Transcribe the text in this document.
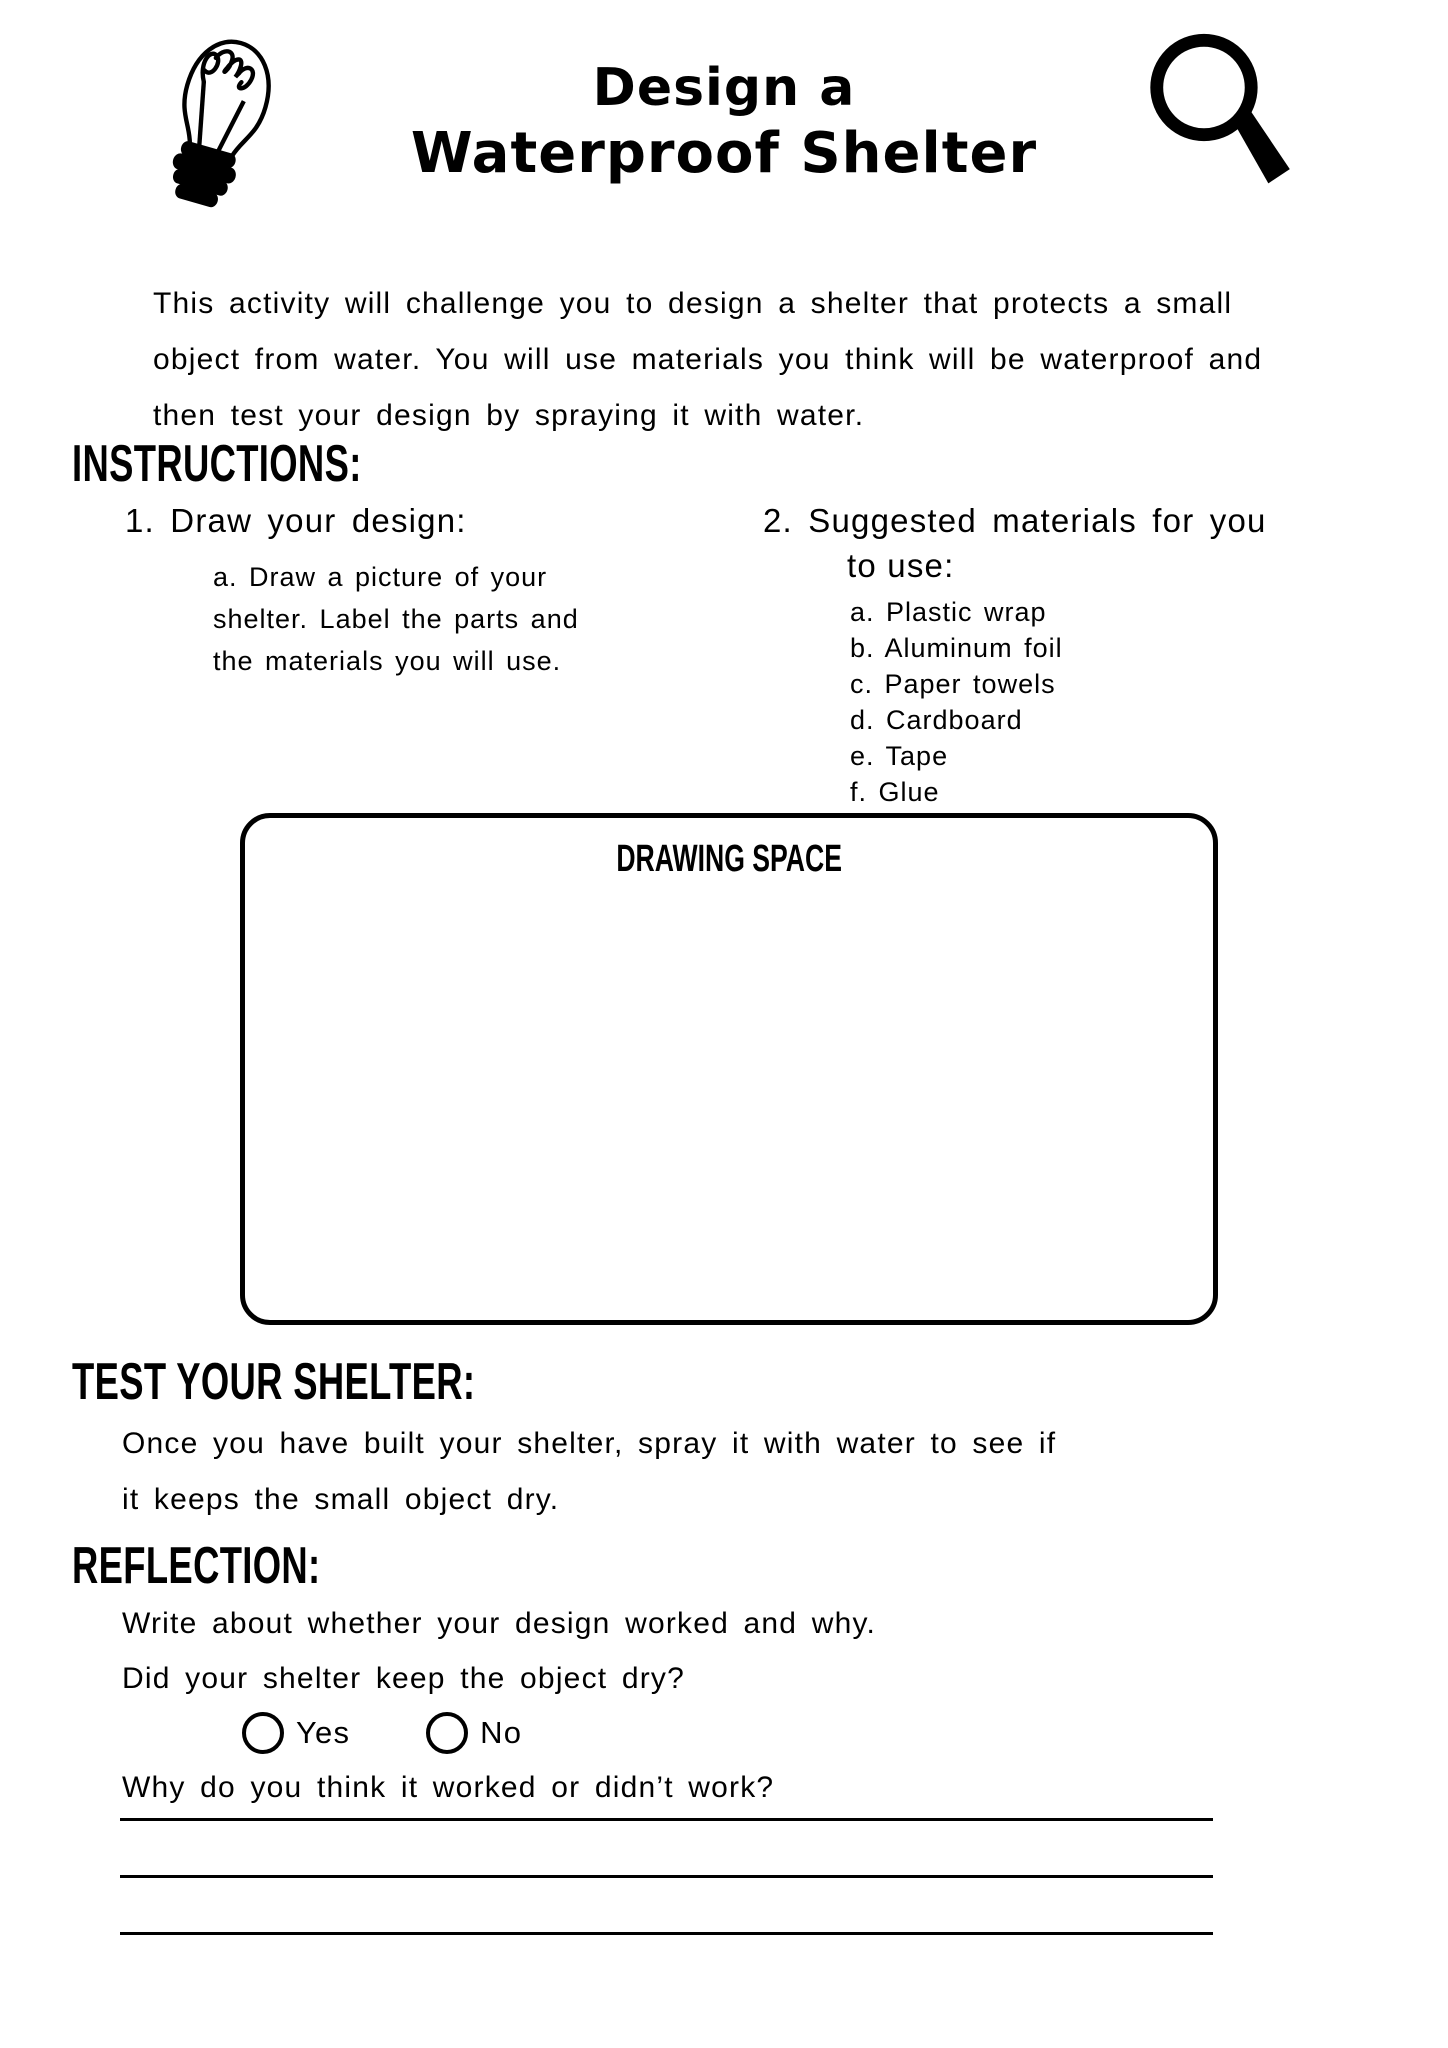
Design a
Waterproof Shelter
This activity will challenge you to design a shelter that protects a small object from water. You will use materials you think will be waterproof and then test your design by spraying it with water.
INSTRUCTIONS:
1. Draw your design:
a. Draw a picture of your shelter. Label the parts and the materials you will use.
2. Suggested materials for you
to use:
a. Plastic wrap
b. Aluminum foil
c. Paper towels
d. Cardboard
e. Tape
f. Glue
DRAWING SPACE
TEST YOUR SHELTER:
Once you have built your shelter, spray it with water to see if it keeps the small object dry.
REFLECTION:
Write about whether your design worked and why.
Did your shelter keep the object dry?
Yes	No
Why do you think it worked or didn’t work?
